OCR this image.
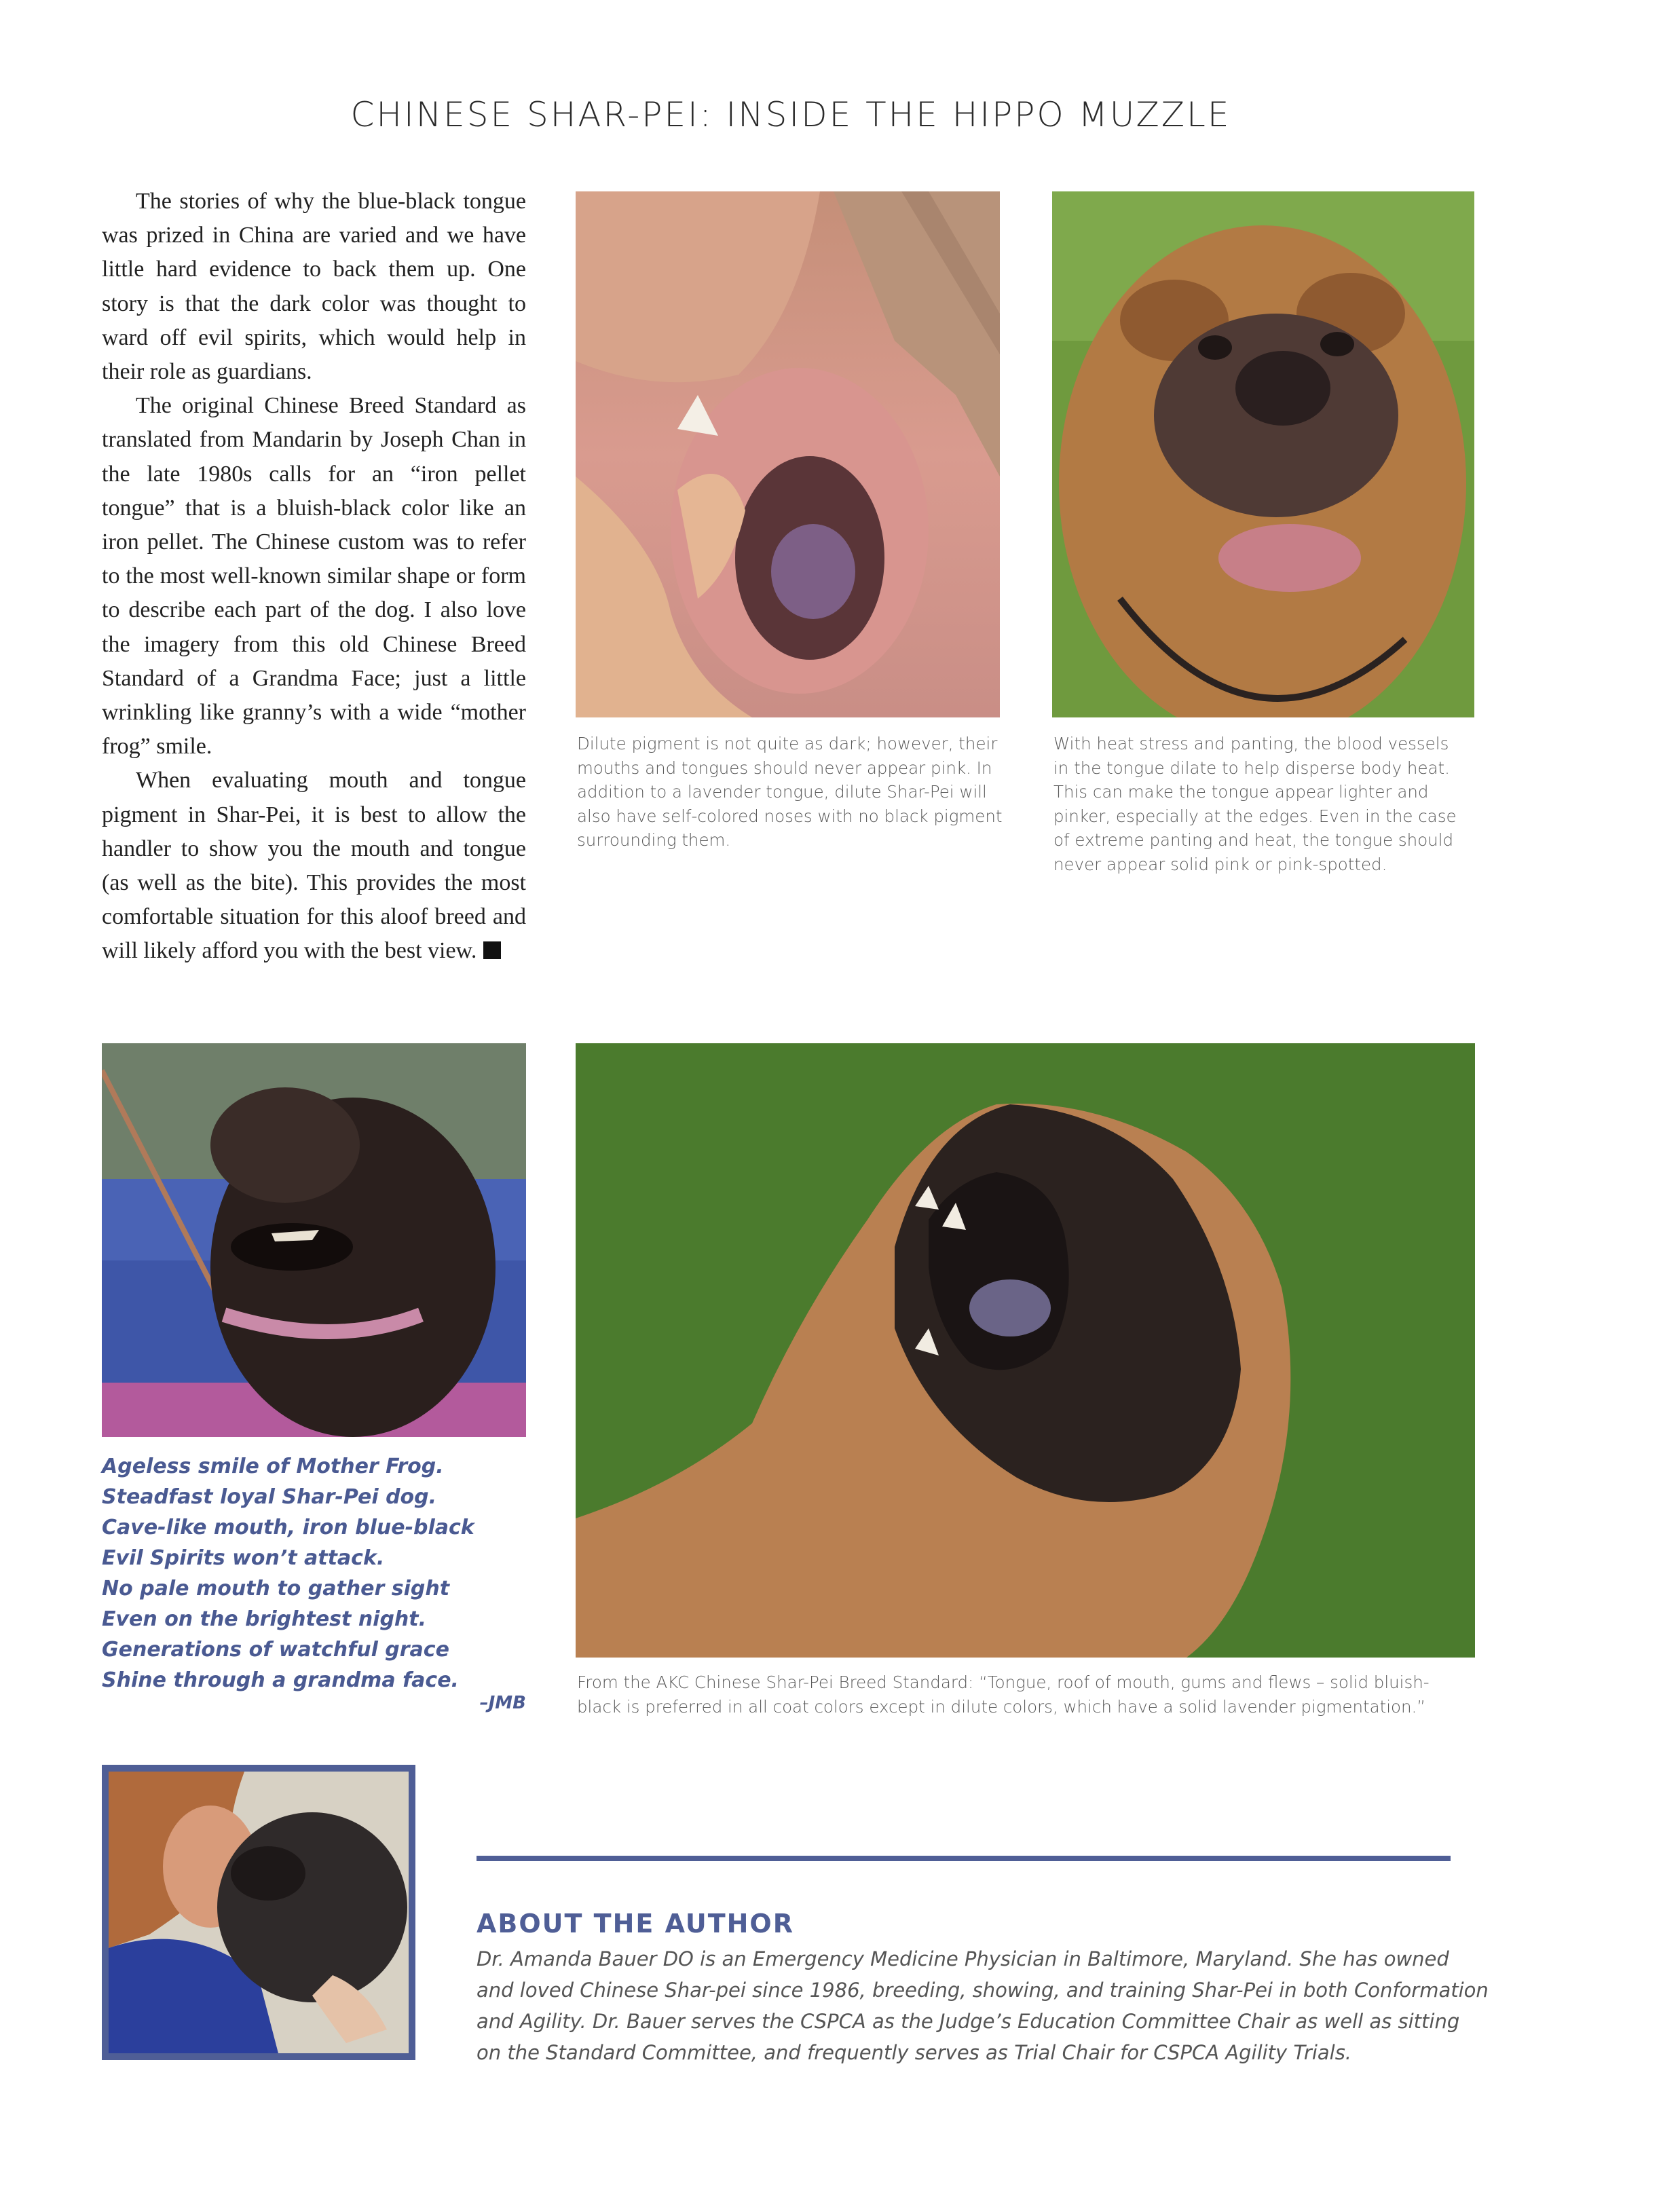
CHINESE SHAR-PEI: INSIDE THE HIPPO MUZZLE

The stories of why the blue-black tongue was prized in China are varied and we have little hard evidence to back them up. One story is that the dark color was thought to ward off evil spirits, which would help in their role as guardians.

The original Chinese Breed Standard as translated from Mandarin by Joseph Chan in the late 1980s calls for an “iron pellet tongue” that is a bluish-black color like an iron pellet. The Chinese custom was to refer to the most well-known similar shape or form to describe each part of the dog. I also love the imagery from this old Chinese Breed Standard of a Grandma Face; just a little wrinkling like granny’s with a wide “mother frog” smile.

When evaluating mouth and tongue pigment in Shar-Pei, it is best to allow the handler to show you the mouth and tongue (as well as the bite). This provides the most comfortable situation for this aloof breed and will likely afford you with the best view.

Dilute pigment is not quite as dark; however, their
mouths and tongues should never appear pink. In
addition to a lavender tongue, dilute Shar-Pei will
also have self-colored noses with no black pigment
surrounding them.
With heat stress and panting, the blood vessels
in the tongue dilate to help disperse body heat.
This can make the tongue appear lighter and
pinker, especially at the edges. Even in the case
of extreme panting and heat, the tongue should
never appear solid pink or pink-spotted.
From the AKC Chinese Shar-Pei Breed Standard: “Tongue, roof of mouth, gums and flews – solid bluish-
black is preferred in all coat colors except in dilute colors, which have a solid lavender pigmentation.”
Ageless smile of Mother Frog.
Steadfast loyal Shar-Pei dog.
Cave-like mouth, iron blue-black
Evil Spirits won’t attack.
No pale mouth to gather sight
Even on the brightest night.
Generations of watchful grace
Shine through a grandma face.
–JMB
ABOUT THE AUTHOR
Dr. Amanda Bauer DO is an Emergency Medicine Physician in Baltimore, Maryland. She has owned
and loved Chinese Shar-pei since 1986, breeding, showing, and training Shar-Pei in both Conformation
and Agility. Dr. Bauer serves the CSPCA as the Judge’s Education Committee Chair as well as sitting
on the Standard Committee, and frequently serves as Trial Chair for CSPCA Agility Trials.
